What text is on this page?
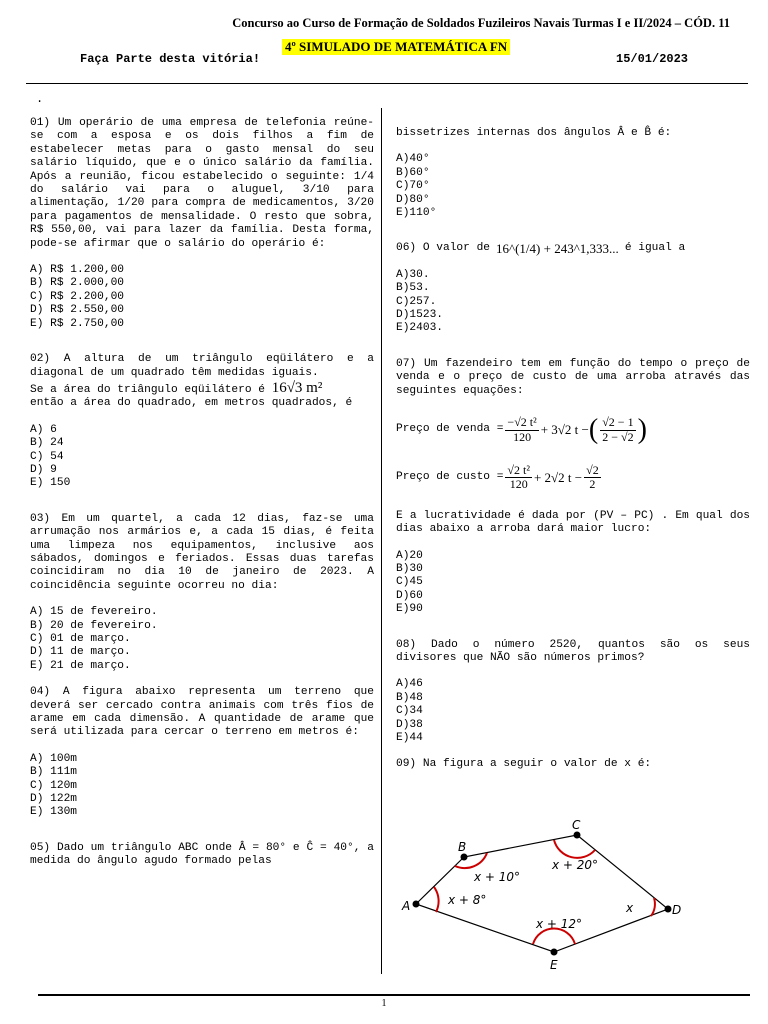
Concurso ao Curso de Formação de Soldados Fuzileiros Navais Turmas I e II/2024 – CÓD. 11
4º SIMULADO DE MATEMÁTICA FN
Faça Parte desta vitória!	15/01/2023
.

01) Um operário de uma empresa de telefonia reúne-se com a esposa e os dois filhos a fim de estabelecer metas para o gasto mensal do seu salário líquido, que e o único salário da família. Após a reunião, ficou estabelecido o seguinte: 1/4 do salário vai para o aluguel, 3/10 para alimentação, 1/20 para compra de medicamentos, 3/20 para pagamentos de mensalidade. O resto que sobra, R$ 550,00, vai para lazer da família. Desta forma, pode-se afirmar que o salário do operário é:

A) R$ 1.200,00
B) R$ 2.000,00
C) R$ 2.200,00
D) R$ 2.550,00
E) R$ 2.750,00

02) A altura de um triângulo eqüilátero e a diagonal de um quadrado têm medidas iguais.

Se a área do triângulo eqüilátero é 16√3 m²

então a área do quadrado, em metros quadrados, é

A) 6
B) 24
C) 54
D) 9
E) 150

03) Em um quartel, a cada 12 dias, faz-se uma arrumação nos armários e, a cada 15 dias, é feita uma limpeza nos equipamentos, inclusive aos sábados, domingos e feriados. Essas duas tarefas coincidiram no dia 10 de janeiro de 2023. A coincidência seguinte ocorreu no dia:

A) 15 de fevereiro.
B) 20 de fevereiro.
C) 01 de março.
D) 11 de março.
E) 21 de março.

04) A figura abaixo representa um terreno que deverá ser cercado contra animais com três fios de arame em cada dimensão. A quantidade de arame que será utilizada para cercar o terreno em metros é:

A) 100m
B) 111m
C) 120m
D) 122m
E) 130m

05) Dado um triângulo ABC onde Â = 80° e Ĉ = 40°, a medida do ângulo agudo formado pelas

bissetrizes internas dos ângulos Â e B̂ é:

A)40°
B)60°
C)70°
D)80°
E)110°

06) O valor de 16^(1/4) + 243^1,333... é igual a

A)30.
B)53.
C)257.
D)1523.
E)2403.

07) Um fazendeiro tem em função do tempo o preço de venda e o preço de custo de uma arroba através das seguintes equações:

Preço de venda = $\frac{\text{−√2 t²}}{120} + 3√2$ t − ( $\frac{√2 - 1}{2 - √2}$ )
Preço de custo = $\frac{\text{√2 t²}}{120} + 2√2$ $t - \frac{√2}{2}$

E a lucratividade é dada por (PV – PC) . Em qual dos dias abaixo a arroba dará maior lucro:

A)20
B)30
C)45
D)60
E)90

08) Dado o número 2520, quantos são os seus divisores que NÃO são números primos?

A)46
B)48
C)34
D)38
E)44

09) Na figura a seguir o valor de x é:

A
B
C
D
E
x + 8°
x + 10°
x + 20°
x
x + 12°
1
